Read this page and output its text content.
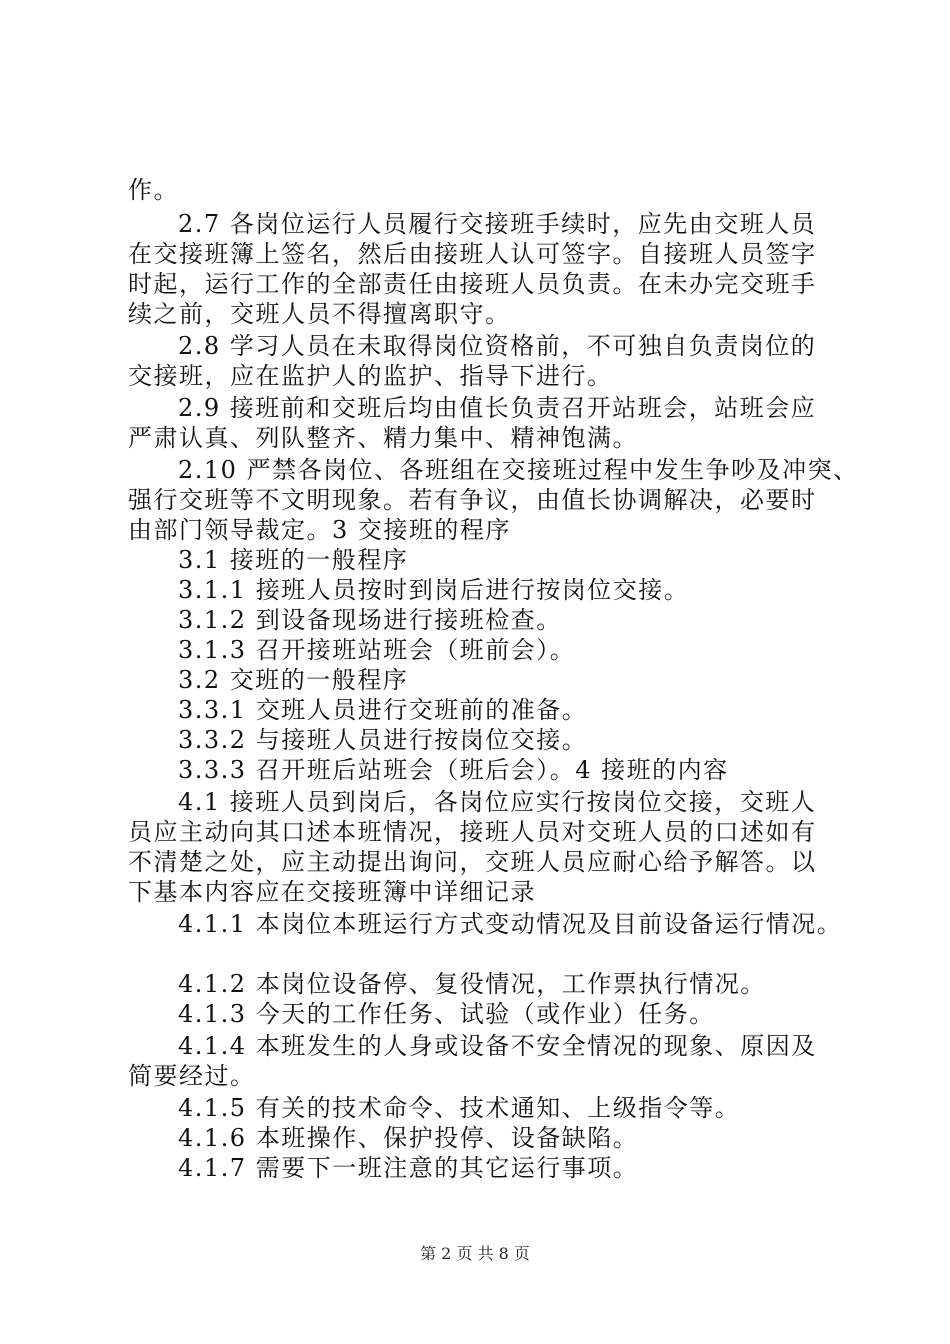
作。
2.7 各岗位运行人员履行交接班手续时，应先由交班人员
在交接班簿上签名，然后由接班人认可签字。自接班人员签字
时起，运行工作的全部责任由接班人员负责。在未办完交班手
续之前，交班人员不得擅离职守。
2.8 学习人员在未取得岗位资格前，不可独自负责岗位的
交接班，应在监护人的监护、指导下进行。
2.9 接班前和交班后均由值长负责召开站班会，站班会应
严肃认真、列队整齐、精力集中、精神饱满。
2.10 严禁各岗位、各班组在交接班过程中发生争吵及冲突、
强行交班等不文明现象。若有争议，由值长协调解决，必要时
由部门领导裁定。3 交接班的程序
3.1 接班的一般程序
3.1.1 接班人员按时到岗后进行按岗位交接。
3.1.2 到设备现场进行接班检查。
3.1.3 召开接班站班会（班前会）。
3.2 交班的一般程序
3.3.1 交班人员进行交班前的准备。
3.3.2 与接班人员进行按岗位交接。
3.3.3 召开班后站班会（班后会）。4 接班的内容
4.1 接班人员到岗后，各岗位应实行按岗位交接，交班人
员应主动向其口述本班情况，接班人员对交班人员的口述如有
不清楚之处，应主动提出询问，交班人员应耐心给予解答。以
下基本内容应在交接班簿中详细记录
4.1.1 本岗位本班运行方式变动情况及目前设备运行情况。
4.1.2 本岗位设备停、复役情况，工作票执行情况。
4.1.3 今天的工作任务、试验（或作业）任务。
4.1.4 本班发生的人身或设备不安全情况的现象、原因及
简要经过。
4.1.5 有关的技术命令、技术通知、上级指令等。
4.1.6 本班操作、保护投停、设备缺陷。
4.1.7 需要下一班注意的其它运行事项。
第 2 页 共 8 页
